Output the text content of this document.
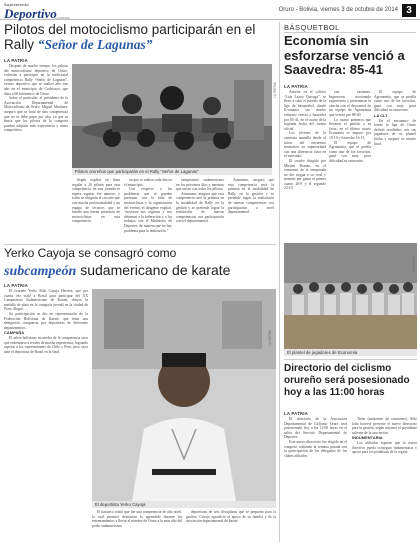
Suplemento
Deportivo
LA PATRIA
Oruro - Bolivia, viernes 3 de octubre de 2014 3
Pilotos del motociclismo participarán en el Rally “Señor de Lagunas”
LA PATRIA

Después de mucho tiempo, los pilotos del motociclismo deportivo de Oruro, volverán a participar en la tradicional competencia Rally “Señor de Lagunas”, evento deportivo que se realiza año tras año en el municipio de Cochiraya, que dista a 60 kilómetros de Oruro.

Sobre el particular, el presidente de la Asociación Departamental de Motociclismo de Oruro, Miguel Martínez, aseguró que se trata de una competencia que no se debe pasar por alto, ya que se busca que los pilotos de la categoría puedan adquirir más experiencia y ritmo competitivo.

LA PATRIA
Pilotos orureños que participarán en el Rally “Señor de Lagunas”

Según explicó en línea regular a 20 pilotos para esta competencia, en esta jornada se espera superar ese número, y todos se dirigirán al circuito que con mucha profesionalidad y un equipo de técnicos que se brindó una buena presencia de motociclistas en esta competencia.

en que se realiza cada año en el municipio.

Con respecto a las problemas que se pueden presentar con la falta de motociclistas y la organización del evento, el dirigente explicó, “nosotros nos regimos y nos debemos a la federación y a los trabajos con el Ministerio de Deportes, de manera que no hay problema para la realización.”

campeonato sudamericano en los próximos días y tenemos que asistir con todos los pilotos.

Asimismo, aseguró que esta competencia será la primera en la modalidad de Rally en la gestión y se pretende lograr la realización de nuevas competencias con participación a nivel departamental.

Asimismo, aseguró que esta competencia será la primera en la modalidad de Rally en la gestión y se pretende lograr la realización de nuevas competencias con participación a nivel departamental.

BÁSQUETBOL
Economía sin esforzarse venció a Saavedra: 85-41
LA PATRIA

Anoche en el coliseo “Luis Lazzo Quiroga”, se llevó a cabo el partido de la liga de básquetbol, donde Economía sin mucho esfuerzo venció a Saavedra por 85-41, en el cuarto de la segunda fecha del torneo oficial.

Los jóvenes de la camiseta amarilla desde el inicio del encuentro mostraron su superioridad con una diferencia clara en el marcador.

El cuadro dirigido por Miriam Roman, en el comienzo de la temporada no dio tregua a su rival y terminó por ganar el primer cuarto 26-9 y el segundo 22-10.

con variantes. Ingresaron mostrando experiencia y presentaron la cancha con el descontrol de un equipo de Agronomía que venció por 88-40.

Lo cuatro primeros que llevaron el partido a su favor, en el último cuarto Economía se impuso por 19-10 y Saavedra 16-13.

El equipo de Agronomía, que se perfila como uno de los favoritos, ganó con muy poca dificultad su encuentro.

El equipo de Agronomía, que se perfila como uno de los favoritos, ganó con muy poca dificultad su encuentro.

LA CLT

En el encuentro de fondo la liga de Oruro definió resultados con sus jugadores de su plantel titular y aseguró su triunfo final.

LA PATRIA
El plantel de jugadores de Economía
Yerko Cayoja se consagró como
subcampeón sudamericano de karate
LA PATRIA

El orureño Yerko Aldo Cayoja Herrera, que por cuarta vez viajó a Brasil para participar del XX Campeonato Sudamericano de Karate, obtuvo la medalla de plata en la categoría juvenil en la ciudad de Porto Alegre.

Su participación se dio en representación de la Federación Boliviana de Karate, que tenía una delegación compuesta por deportistas de diferentes departamentos.

CAMPAÑA

El atleta boliviano en medio de la competencia tuvo que enfrentarse a rivales de mucha experiencia, logrando superar a los representantes de Chile y Perú, pero cayó ante el deportista de Brasil en la final.

LA PATRIA
El deportista Yerko Cayoja

El karateca relató que fue una competencia de alto nivel, la cual permitió demostrar lo aprendido durante los entrenamientos y llevar el nombre de Oruro a lo más alto del podio sudamericano.

deportistas de seis disciplinas que se preparan para la gestión. Cayoja agradeció el apoyo de su familia y de la asociación departamental de karate.

Directorio del ciclismo orureño será posesionado hoy a las 11:00 horas
LA PATRIA

El directorio de la Asociación Departamental de Ciclismo Oruro será posesionado hoy a las 11:00 horas en el salón del Servicio Departamental de Deportes.

Este nuevo directorio fue elegido en el congreso realizado la semana pasada con la participación de los delegados de los clubes afiliados.

Tiene (asistentes de reuniones). Sólo falta hacerse presente el nuevo directorio para la gestión, según informó el presidente saliente de la asociación.

INDUMENTARIA

Los afiliados esperan que la nueva directiva pueda conseguir indumentaria y apoyo para los pedalistas de la región.
